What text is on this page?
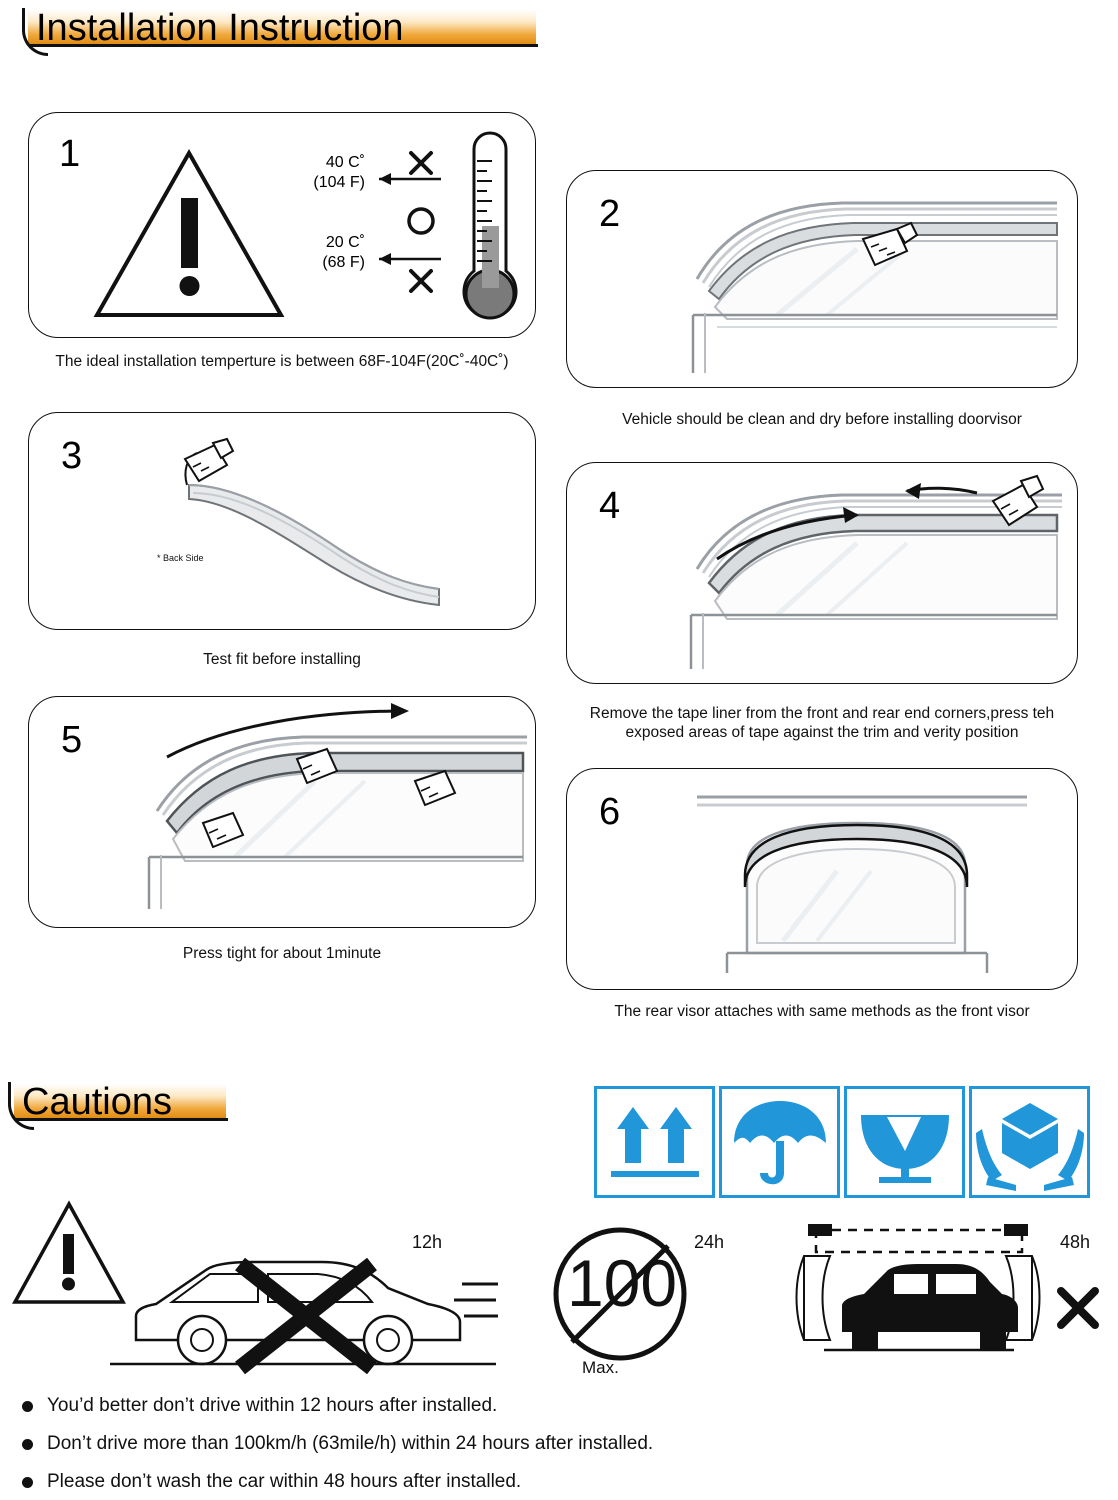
Installation Instruction
1	40 C˚
(104 F)
20 C˚
(68 F)
The ideal installation temperture is between 68F-104F(20C˚-40C˚)
2
Vehicle should be clean and dry before installing doorvisor
3
* Back Side
Test fit before installing
4
Remove the tape liner from the front and rear end corners,press teh exposed areas of tape against the trim and verity position
5
Press tight for about 1minute
6
The rear visor attaches with same methods as the front visor
Cautions
12h
100
Max.
24h	48h
You’d better don’t drive within 12 hours after installed.
Don’t drive more than 100km/h (63mile/h) within 24 hours after installed.
Please don’t wash the car within 48 hours after installed.
